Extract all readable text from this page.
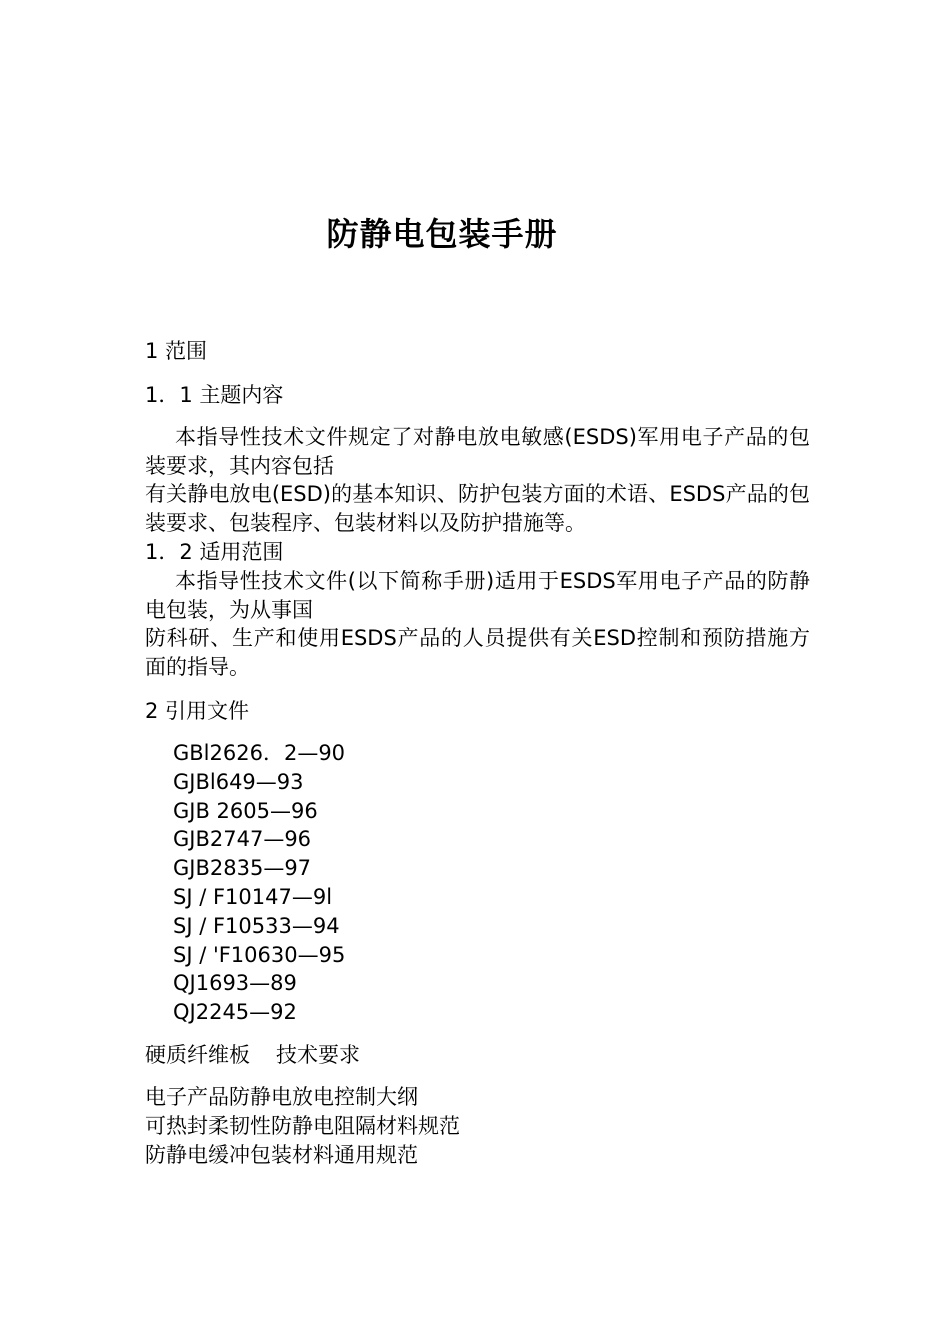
防静电包装手册
1 范围
1．1 主题内容

本指导性技术文件规定了对静电放电敏感(ESDS)军用电子产品的包装要求，其内容包括

有关静电放电(ESD)的基本知识、防护包装方面的术语、ESDS产品的包装要求、包装程序、包装材料以及防护措施等。

1．2 适用范围

本指导性技术文件(以下简称手册)适用于ESDS军用电子产品的防静电包装，为从事国

防科研、生产和使用ESDS产品的人员提供有关ESD控制和预防措施方面的指导。

2 引用文件
GBl2626．2—90
GJBl649—93
GJB 2605—96
GJB2747—96
GJB2835—97
SJ / F10147—9l
SJ / F10533—94
SJ / 'F10630—95
QJ1693—89
QJ2245—92
硬质纤维板 技术要求
电子产品防静电放电控制大纲
可热封柔韧性防静电阻隔材料规范
防静电缓冲包装材料通用规范
